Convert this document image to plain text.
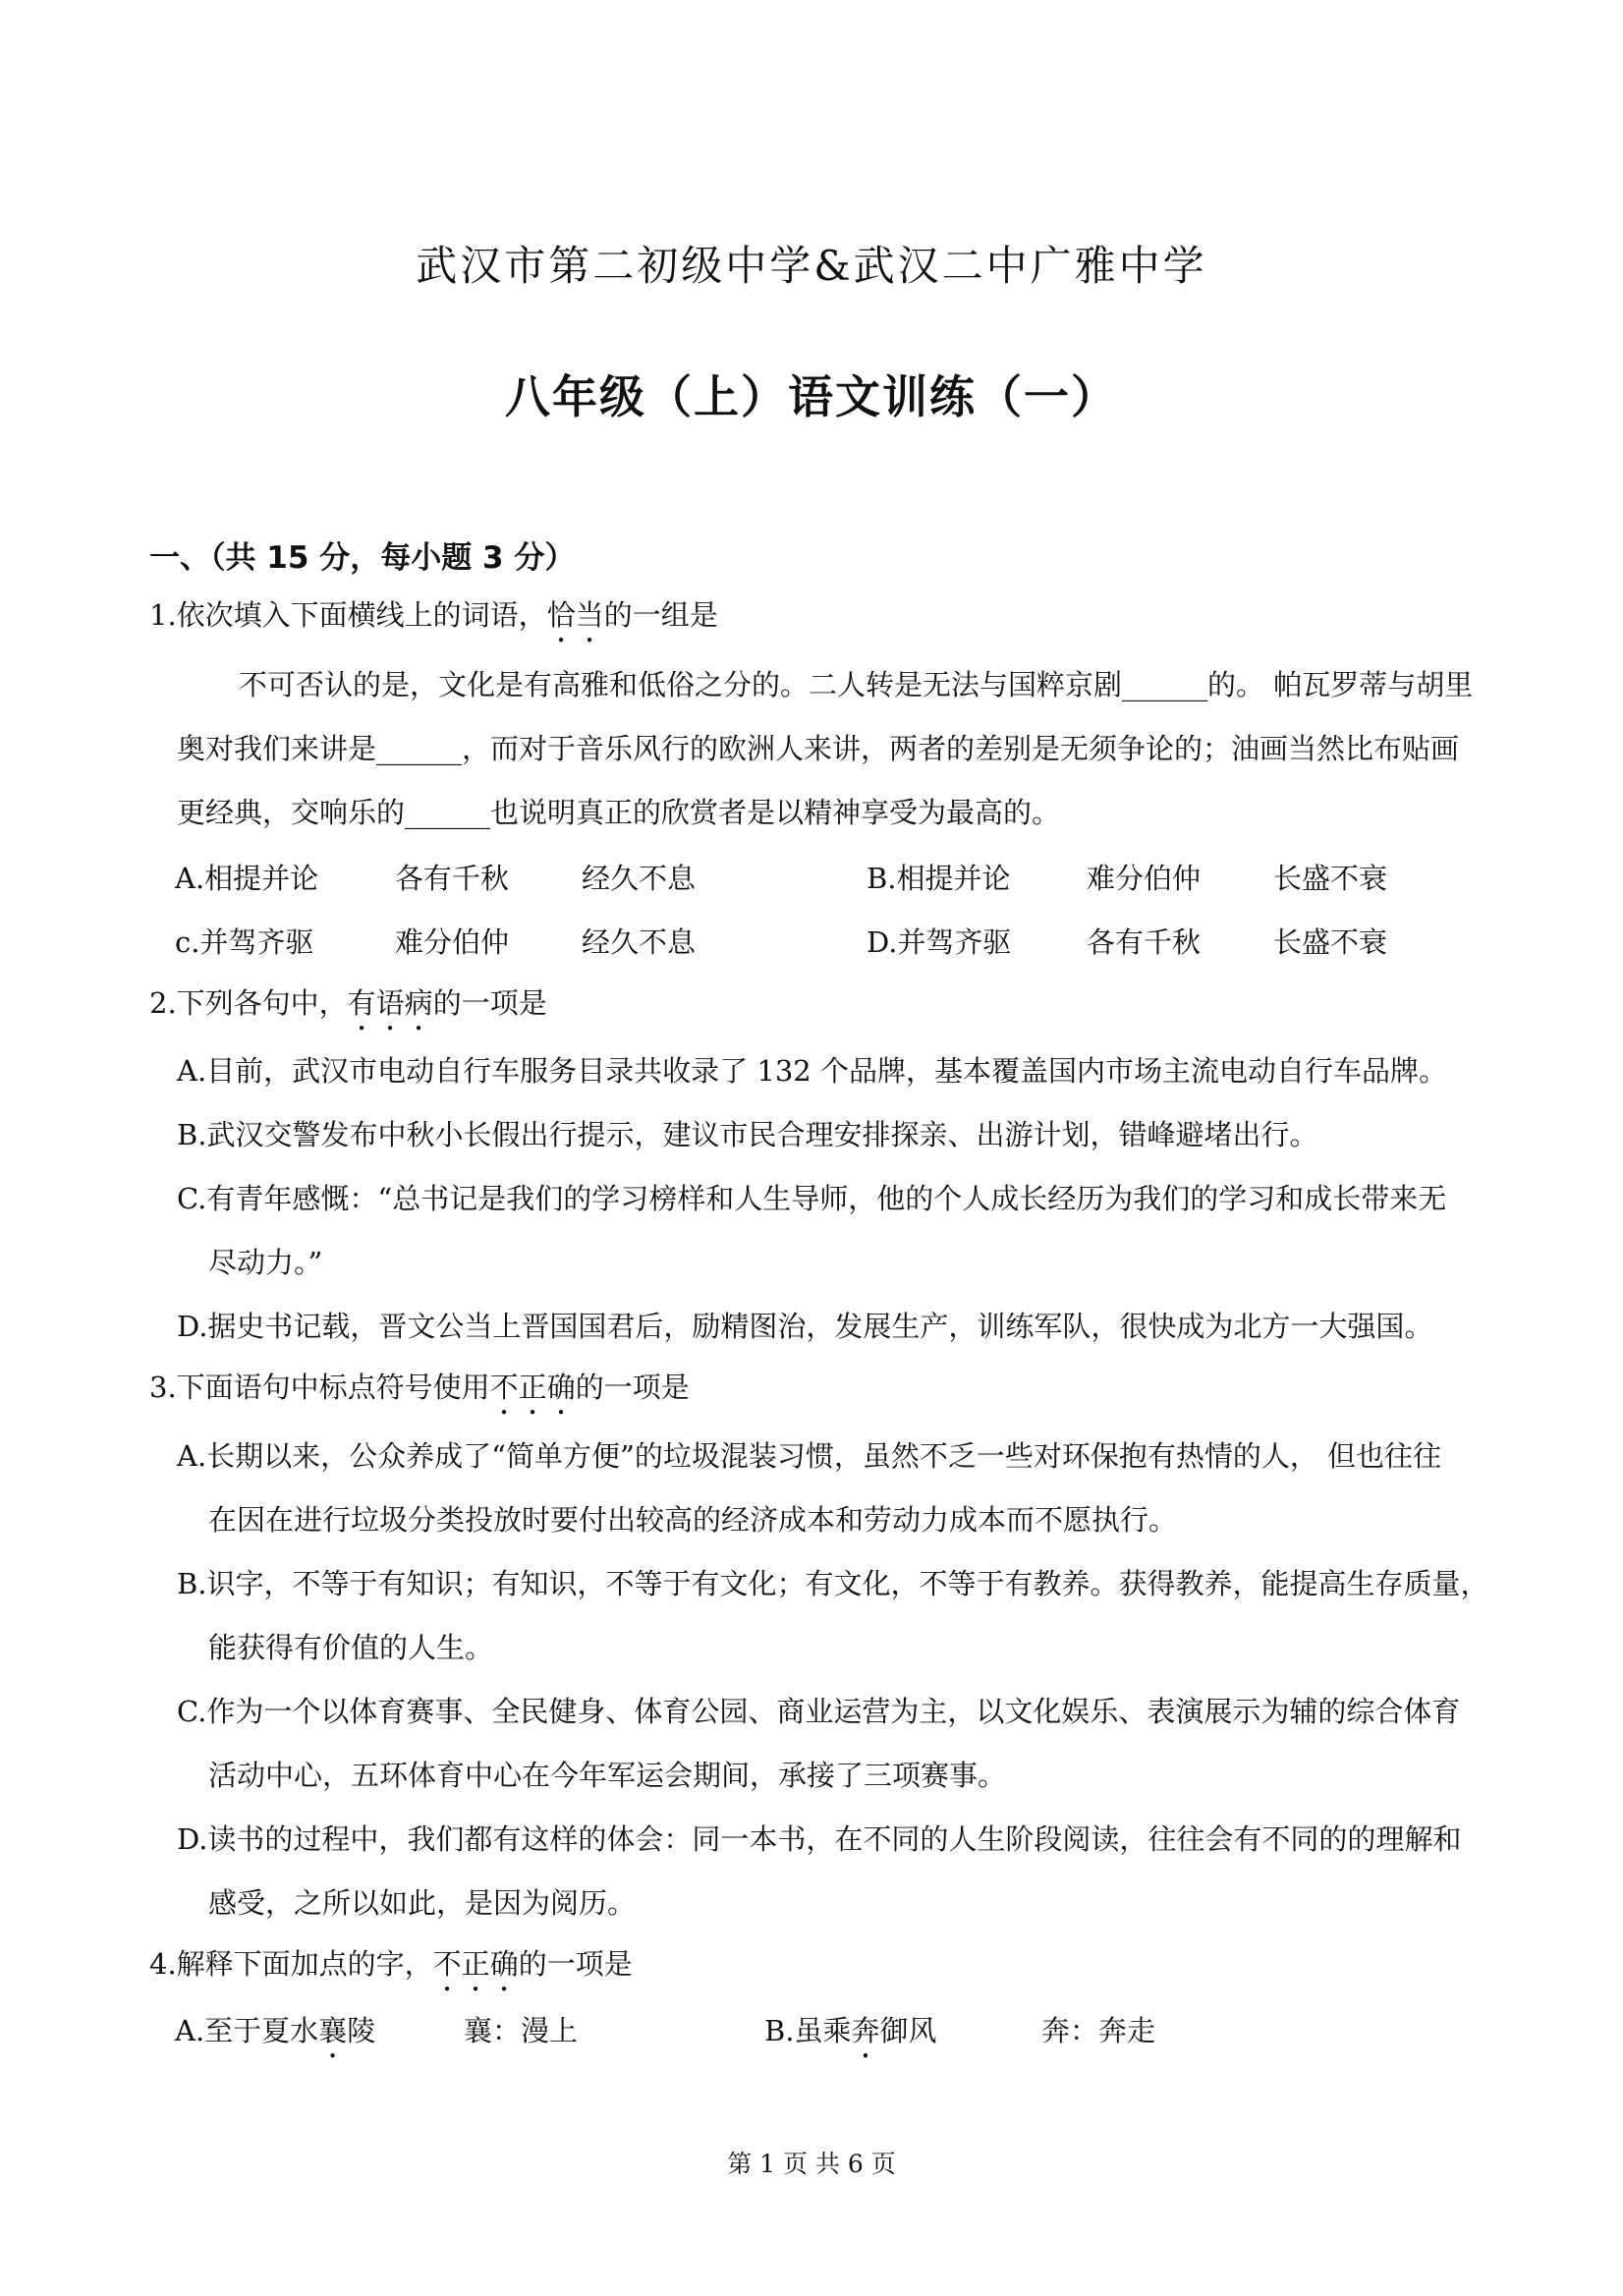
武汉市第二初级中学&武汉二中广雅中学
八年级（上）语文训练（一）
一、（共 15 分，每小题 3 分）
1.依次填入下面横线上的词语，恰当的一组是
不可否认的是，文化是有高雅和低俗之分的。二人转是无法与国粹京剧______的。 帕瓦罗蒂与胡里
奥对我们来讲是______，而对于音乐风行的欧洲人来讲，两者的差别是无须争论的；油画当然比布贴画
更经典，交响乐的______也说明真正的欣赏者是以精神享受为最高的。
A.相提并论	各有千秋	经久不息	B.相提并论	难分伯仲	长盛不衰
c.并驾齐驱	难分伯仲	经久不息	D.并驾齐驱	各有千秋	长盛不衰
2.下列各句中，有语病的一项是
A.目前，武汉市电动自行车服务目录共收录了 132 个品牌，基本覆盖国内市场主流电动自行车品牌。
B.武汉交警发布中秋小长假出行提示，建议市民合理安排探亲、出游计划，错峰避堵出行。
C.有青年感慨：“总书记是我们的学习榜样和人生导师，他的个人成长经历为我们的学习和成长带来无
尽动力。”
D.据史书记载，晋文公当上晋国国君后，励精图治，发展生产，训练军队，很快成为北方一大强国。
3.下面语句中标点符号使用不正确的一项是
A.长期以来，公众养成了“简单方便”的垃圾混装习惯，虽然不乏一些对环保抱有热情的人， 但也往往
在因在进行垃圾分类投放时要付出较高的经济成本和劳动力成本而不愿执行。
B.识字，不等于有知识；有知识，不等于有文化；有文化，不等于有教养。获得教养，能提高生存质量，
能获得有价值的人生。
C.作为一个以体育赛事、全民健身、体育公园、商业运营为主，以文化娱乐、表演展示为辅的综合体育
活动中心，五环体育中心在今年军运会期间，承接了三项赛事。
D.读书的过程中，我们都有这样的体会：同一本书，在不同的人生阶段阅读，往往会有不同的的理解和
感受，之所以如此，是因为阅历。
4.解释下面加点的字，不正确的一项是
A.至于夏水襄陵	襄：漫上	B.虽乘奔御风	奔：奔走
第 1 页 共 6 页
